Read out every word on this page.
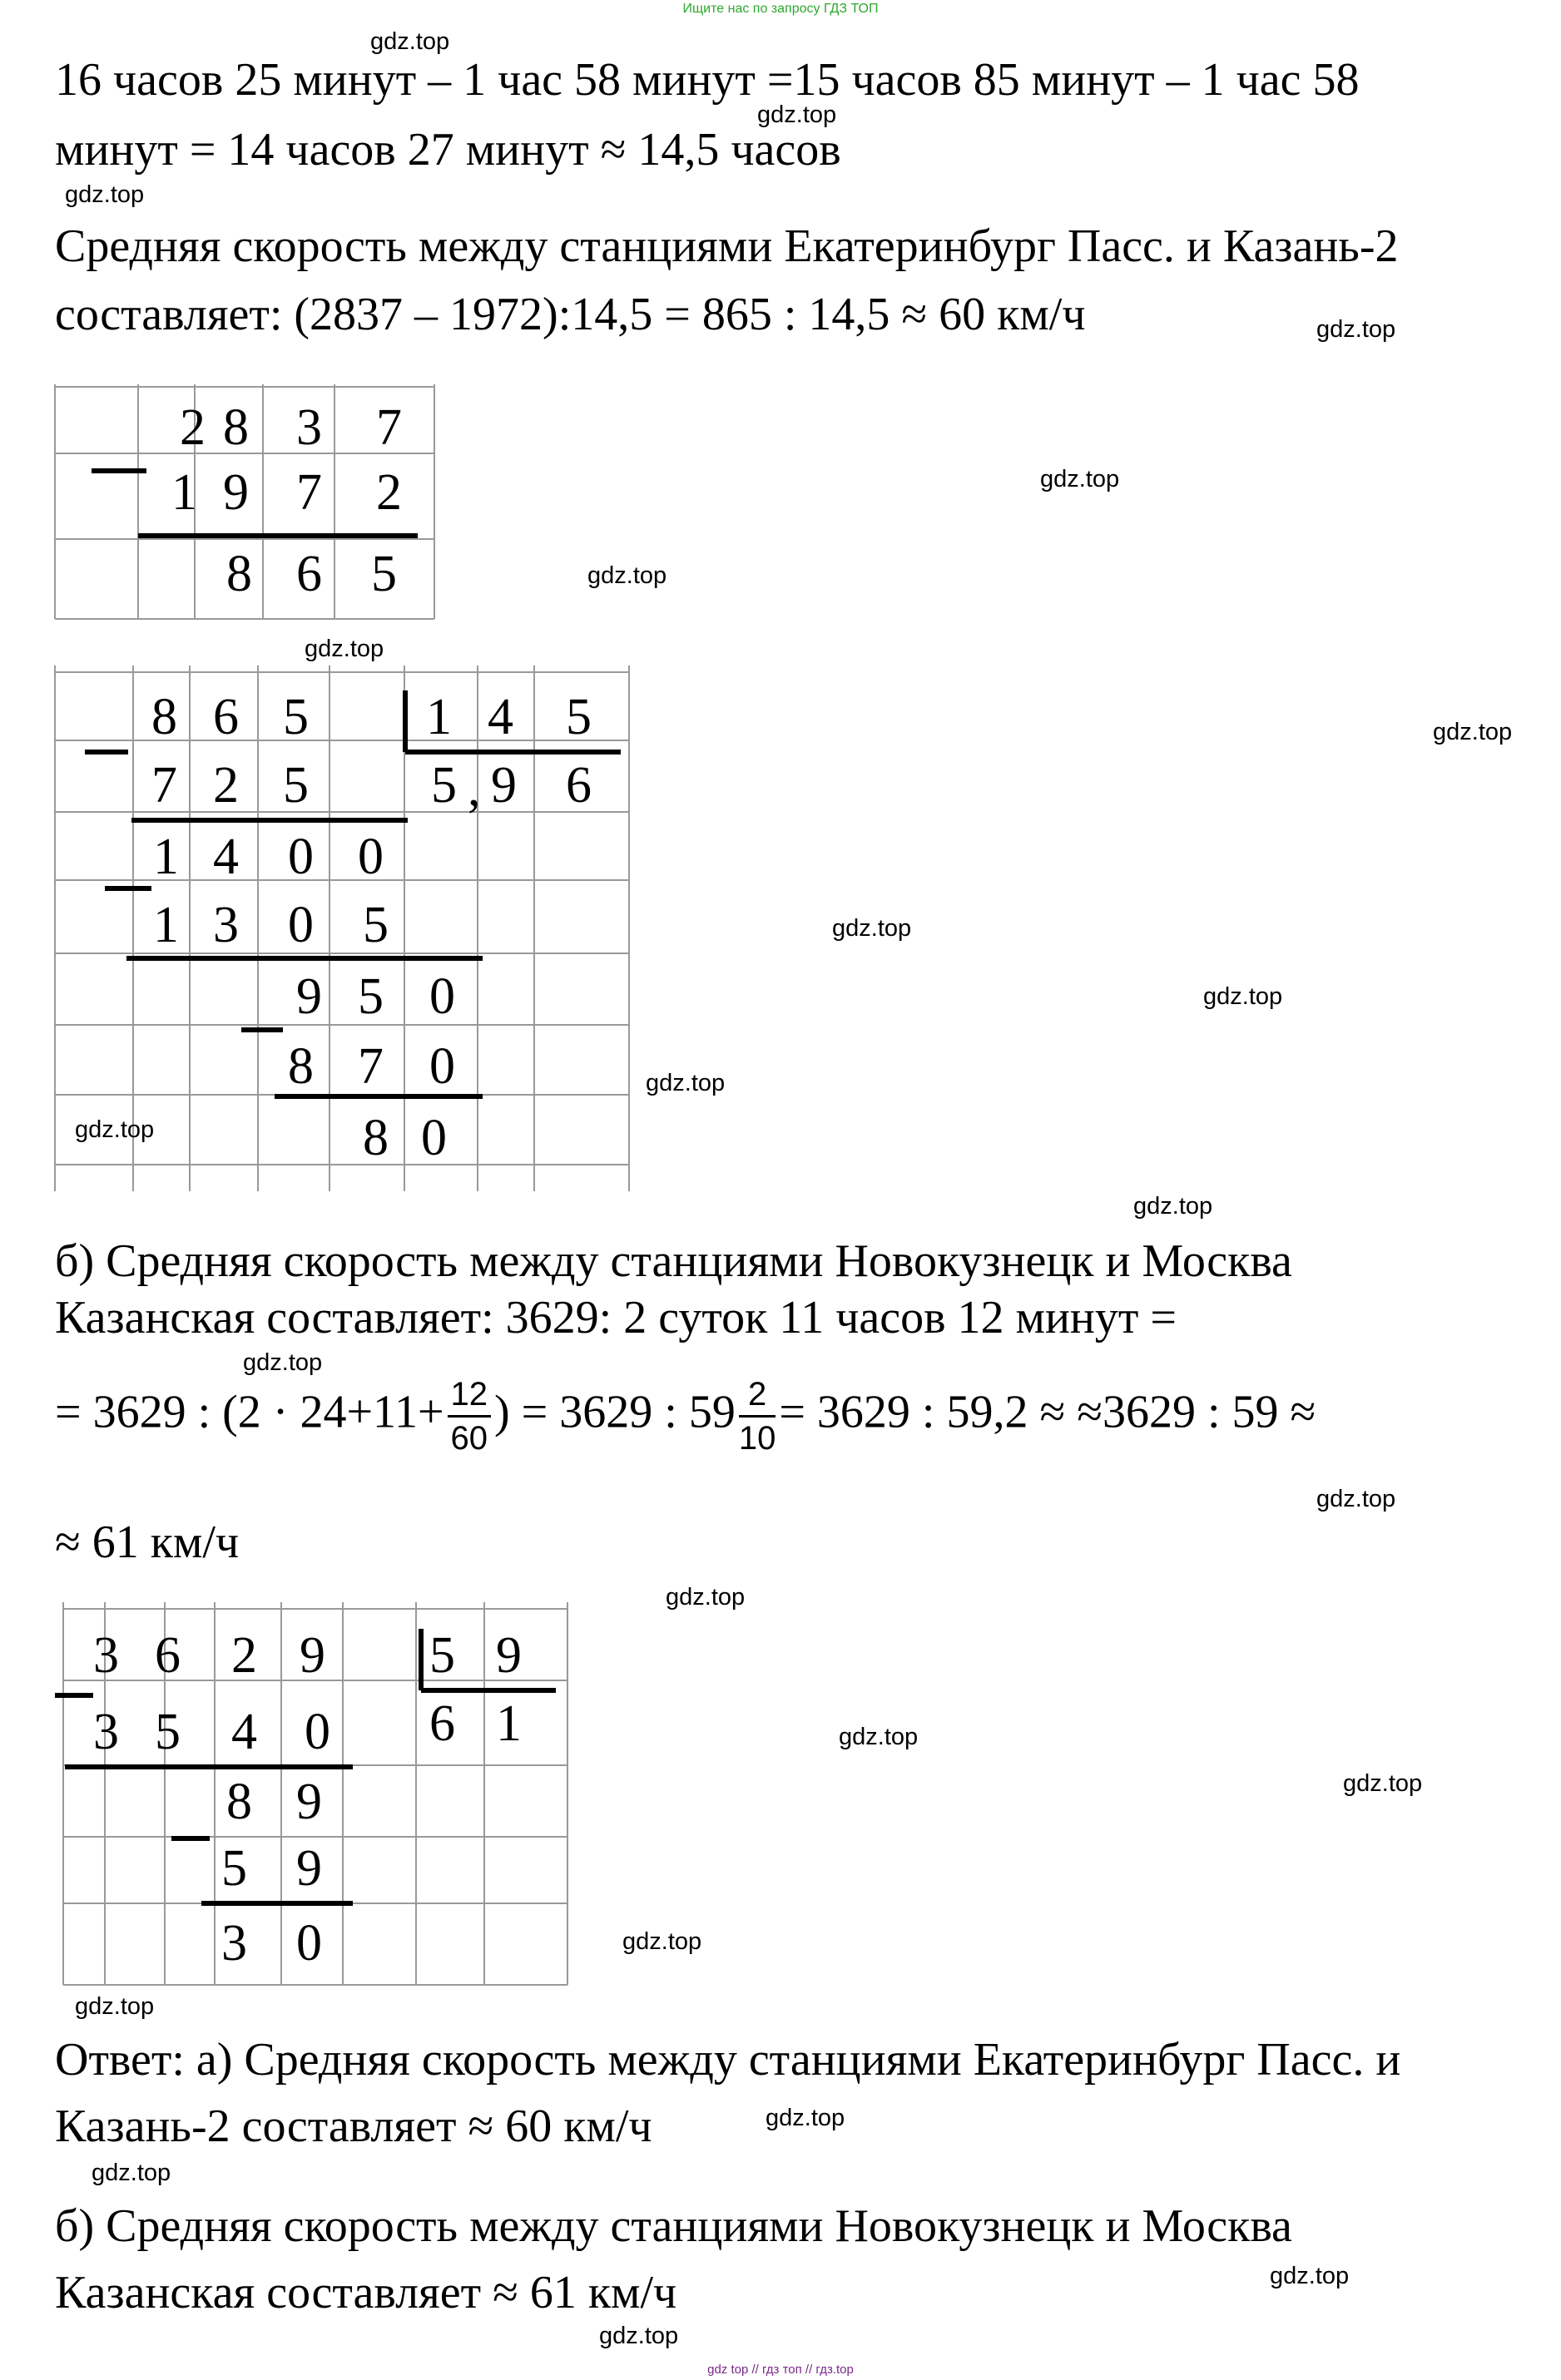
Ищите нас по запросу ГДЗ ТОП
16 часов 25 минут – 1 час 58 минут =15 часов 85 минут – 1 час 58
минут = 14 часов 27 минут ≈ 14,5 часов
Средняя скорость между станциями Екатеринбург Пасс. и Казань-2
составляет: (2837 – 1972):14,5 = 865 : 14,5 ≈ 60 км/ч
2 8 3 7
1 9 7 2
8 6 5
8 6 5 1 4 5
7 2 5 5 , 9 6
1 4 0 0
1 3 0 5
9 5 0
8 7 0
8 0
б) Средняя скорость между станциями Новокузнецк и Москва
Казанская составляет: 3629: 2 суток 11 часов 12 минут =
= 3629 : ($2 \cdot 24+11+ \frac{12}{60}$ ) = 3629 : $59 \frac{2}{10} = 3629$ : 59,2 ≈ ≈3629 : 59 ≈
≈ 61 км/ч
3 6 2 9 5 9
3 5 4 0 6 1
8 9
5 9
3 0
Ответ: а) Средняя скорость между станциями Екатеринбург Пасс. и
Казань-2 составляет ≈ 60 км/ч
б) Средняя скорость между станциями Новокузнецк и Москва
Казанская составляет ≈ 61 км/ч
gdz.top
gdz.top
gdz.top
gdz.top
gdz.top
gdz.top
gdz.top
gdz.top
gdz.top
gdz.top
gdz.top
gdz.top
gdz.top
gdz.top
gdz.top
gdz.top
gdz.top
gdz.top
gdz.top
gdz.top
gdz.top
gdz.top
gdz.top
gdz.top
gdz top // гдз топ // гдз.top
